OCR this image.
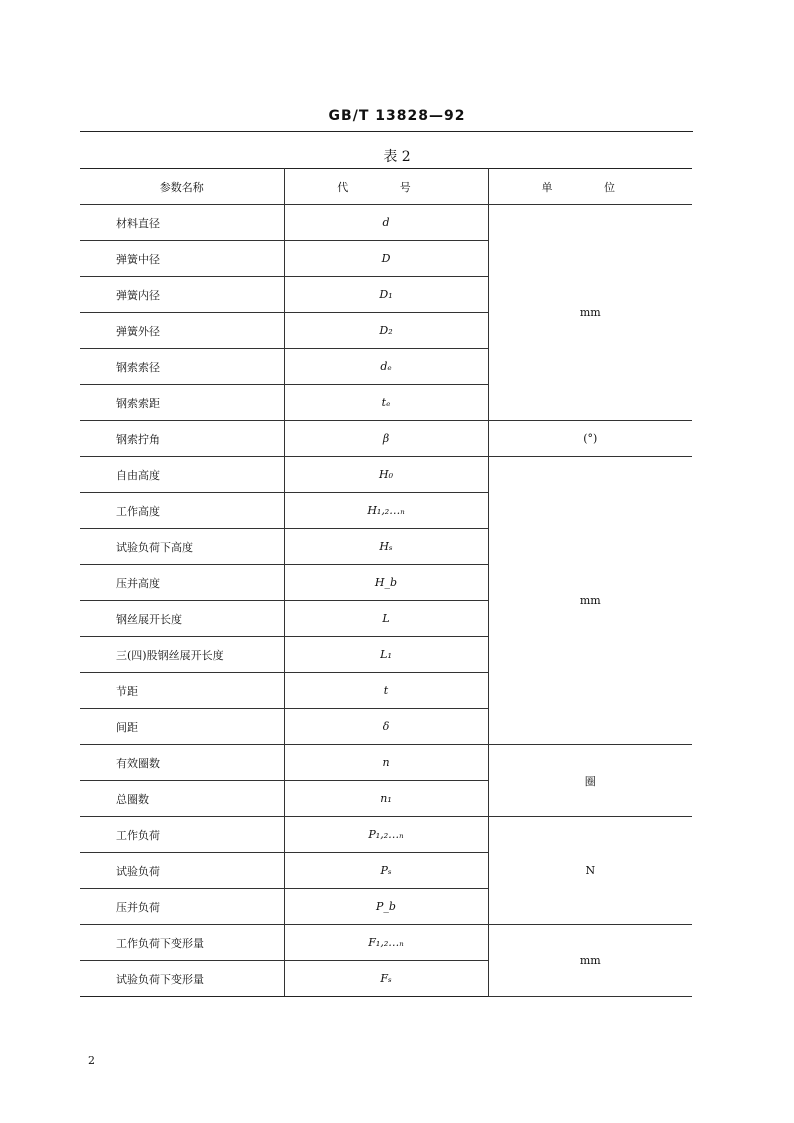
GB/T 13828—92
表 2
参数名称	代 号	单 位
材料直径	d	mm
弹簧中径	D	
弹簧内径	D₁	
弹簧外径	D₂	
钢索索径	dₑ	
钢索索距	tₑ	
钢索拧角	β	(°)
自由高度	H₀	mm
工作高度	H₁,₂…ₙ	
试验负荷下高度	Hₛ	
压并高度	H_b	
钢丝展开长度	L	
三(四)股钢丝展开长度	L₁	
节距	t	
间距	δ	
有效圈数	n	圈
总圈数	n₁	
工作负荷	P₁,₂…ₙ	N
试验负荷	Pₛ	
压并负荷	P_b	
工作负荷下变形量	F₁,₂…ₙ	mm
试验负荷下变形量	Fₛ	
2
